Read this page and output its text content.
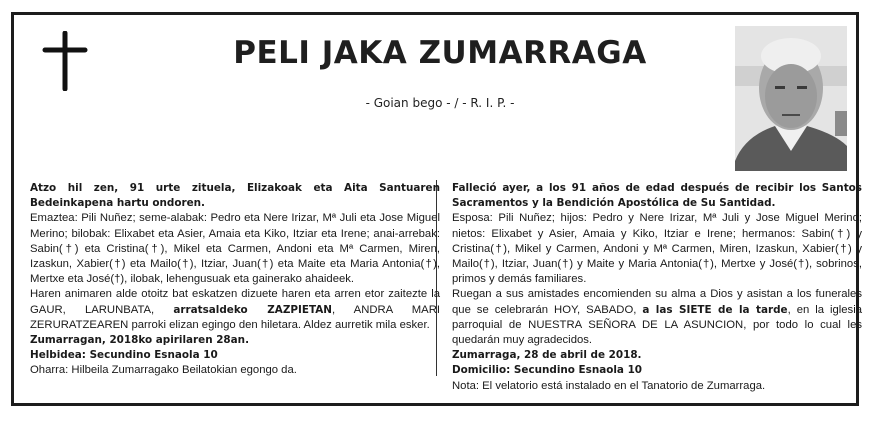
PELI JAKA ZUMARRAGA
- Goian bego - / - R. I. P. -

Atzo hil zen, 91 urte zituela, Elizakoak eta Aita Santuaren Bedeinkapena hartu ondoren.

Emaztea: Pili Nuñez; seme-alabak: Pedro eta Nere Irizar, Mª Juli eta Jose Miguel Merino; bilobak: Elixabet eta Asier, Amaia eta Kiko, Itziar eta Irene; anai-arrebak: Sabin(†) eta Cristina(†), Mikel eta Carmen, Andoni eta Mª Carmen, Miren, Izaskun, Xabier(†) eta Mailo(†), Itziar, Juan(†) eta Maite eta Maria Antonia(†), Mertxe eta José(†), ilobak, lehengusuak eta gainerako ahaideek.

Haren animaren alde otoitz bat eskatzen dizuete haren eta arren etor zaitezte la GAUR, LARUNBATA, arratsaldeko ZAZPIETAN, ANDRA MARI ZERURATZEAREN parroki elizan egingo den hiletara. Aldez aurretik mila esker.

Zumarragan, 2018ko apirilaren 28an.
Helbidea: Secundino Esnaola 10

Oharra: Hilbeila Zumarragako Beilatokian egongo da.

Falleció ayer, a los 91 años de edad después de recibir los Santos Sacramentos y la Bendición Apostólica de Su Santidad.

Esposa: Pili Nuñez; hijos: Pedro y Nere Irizar, Mª Juli y Jose Miguel Merino; nietos: Elixabet y Asier, Amaia y Kiko, Itziar e Irene; hermanos: Sabin(†) y Cristina(†), Mikel y Carmen, Andoni y Mª Carmen, Miren, Izaskun, Xabier(†) y Mailo(†), Itziar, Juan(†) y Maite y Maria Antonia(†), Mertxe y José(†), sobrinos, primos y demás familiares.

Ruegan a sus amistades encomienden su alma a Dios y asistan a los funerales que se celebrarán HOY, SABADO, a las SIETE de la tarde, en la iglesia parroquial de NUESTRA SEÑORA DE LA ASUNCION, por todo lo cual les quedarán muy agradecidos.

Zumarraga, 28 de abril de 2018.
Domicilio: Secundino Esnaola 10

Nota: El velatorio está instalado en el Tanatorio de Zumarraga.
